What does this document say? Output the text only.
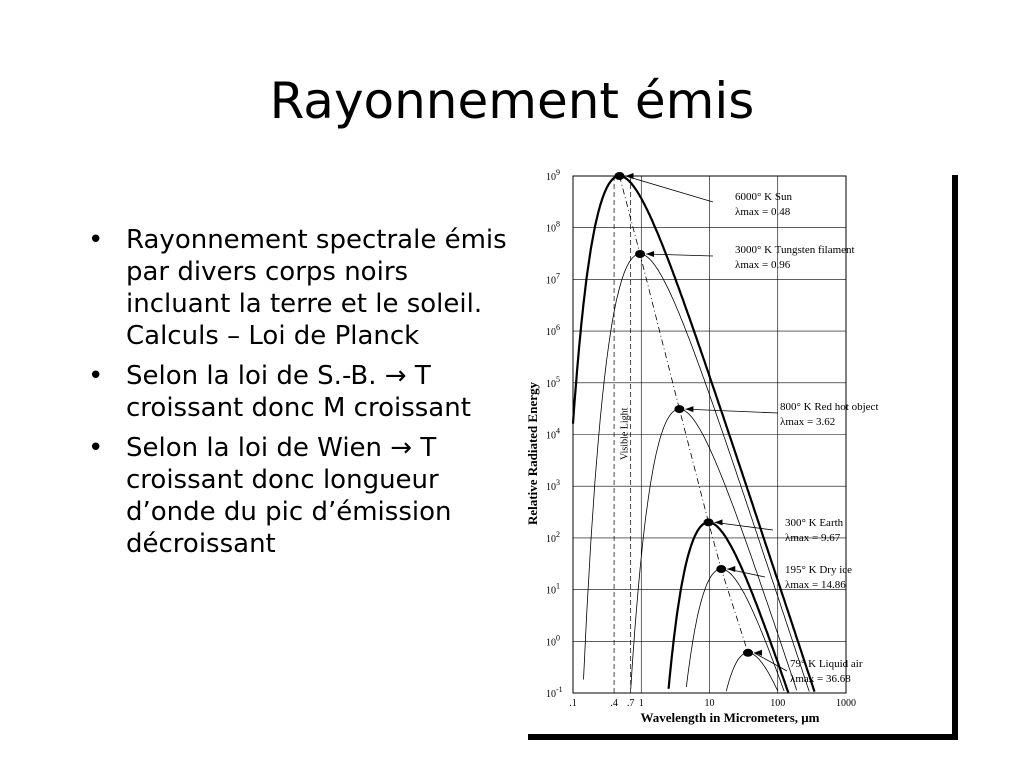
Rayonnement émis
• Rayonnement spectrale émis par divers corps noirs incluant la terre et le soleil. Calculs – Loi de Planck
• Selon la loi de S.-B. → T croissant donc M croissant
• Selon la loi de Wien → T croissant donc longueur d’onde du pic d’émission décroissant
Relative Radiated Energy
Wavelength in Micrometers, μm
$10^{-1}$
$10^0$
$10^1$
$10^2$
$10^3$
$10^4$
$10^5$
$10^6$
$10^7$
$10^8$
$10^9$
.1	.4 .7 1	10	100	1000
Visible Light
6000° K Sun
λmax = 0.48
3000° K Tungsten filament
λmax = 0.96
800° K Red hot object
λmax = 3.62
300° K Earth
λmax = 9.67
195° K Dry ice
λmax = 14.86
79° K Liquid air
λmax = 36.68
